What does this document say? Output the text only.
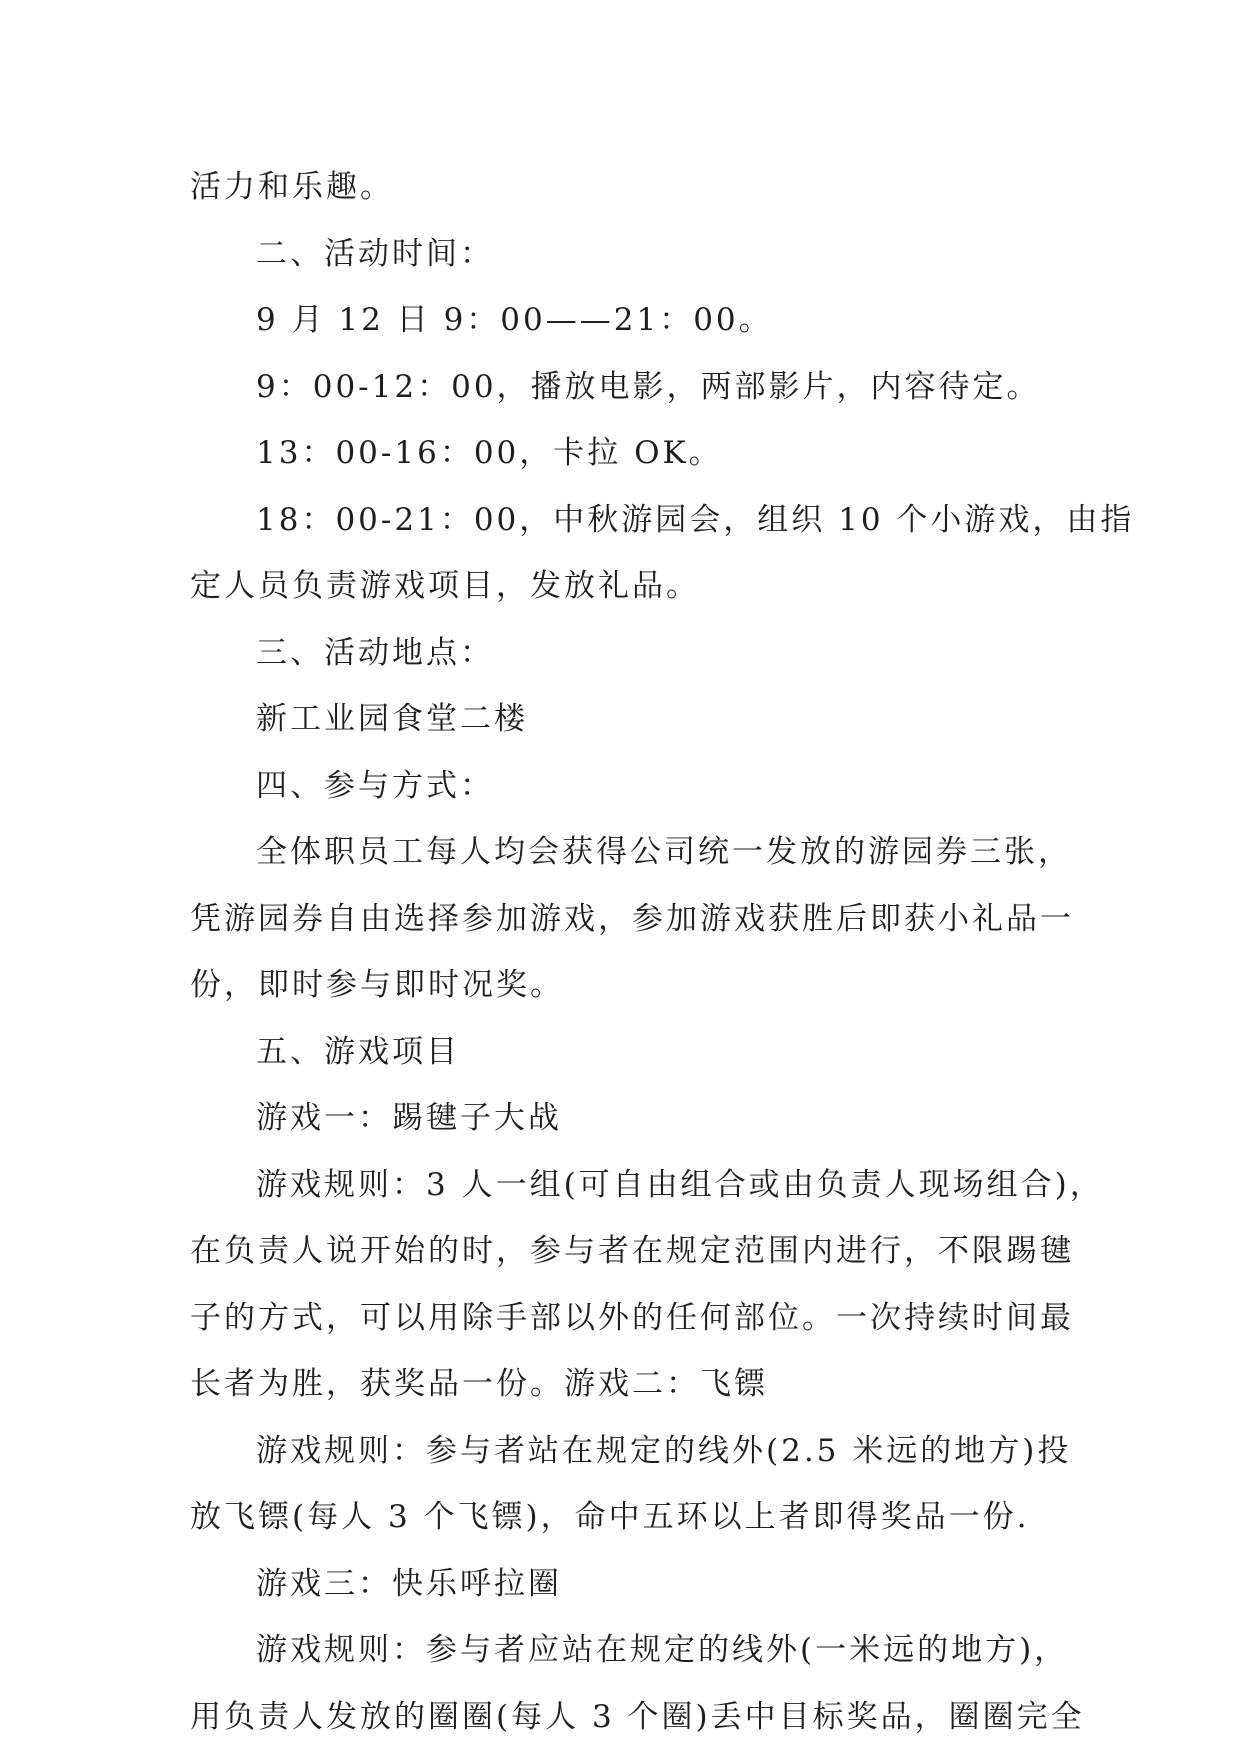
活力和乐趣。
二、活动时间：
9 月 12 日 9：00——21：00。
9：00-12：00，播放电影，两部影片，内容待定。
13：00-16：00，卡拉 OK。
18：00-21：00，中秋游园会，组织 10 个小游戏，由指
定人员负责游戏项目，发放礼品。
三、活动地点：
新工业园食堂二楼
四、参与方式：
全体职员工每人均会获得公司统一发放的游园券三张，
凭游园券自由选择参加游戏，参加游戏获胜后即获小礼品一
份，即时参与即时况奖。
五、游戏项目
游戏一：踢毽子大战
游戏规则：3 人一组(可自由组合或由负责人现场组合)，
在负责人说开始的时，参与者在规定范围内进行，不限踢毽
子的方式，可以用除手部以外的任何部位。一次持续时间最
长者为胜，获奖品一份。游戏二：飞镖
游戏规则：参与者站在规定的线外(2.5 米远的地方)投
放飞镖(每人 3 个飞镖)，命中五环以上者即得奖品一份.
游戏三：快乐呼拉圈
游戏规则：参与者应站在规定的线外(一米远的地方)，
用负责人发放的圈圈(每人 3 个圈)丢中目标奖品，圈圈完全
